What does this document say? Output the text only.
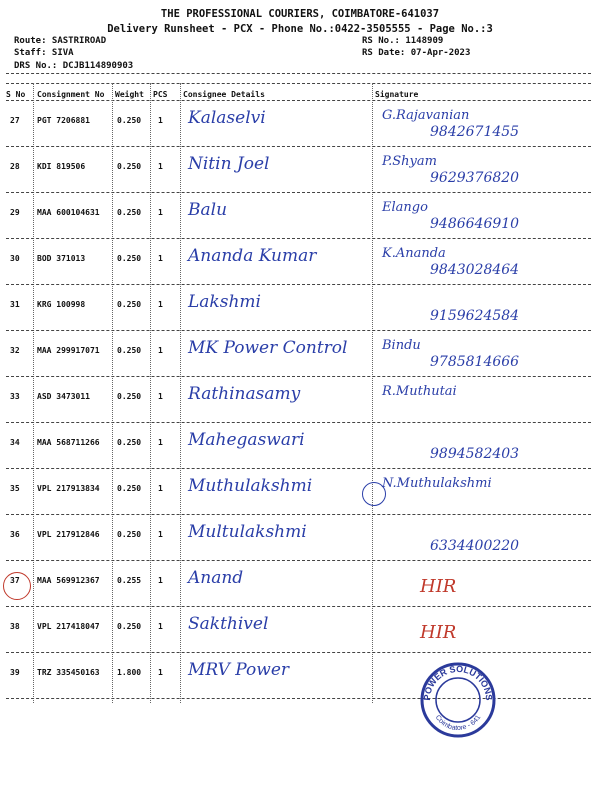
THE PROFESSIONAL COURIERS, COIMBATORE-641037
Delivery Runsheet - PCX - Phone No.:0422-3505555 - Page No.:3
Route: SASTRIROAD
Staff: SIVA
DRS No.: DCJB114890903
RS No.: 1148909
RS Date: 07-Apr-2023
S No Consignment No Weight PCS Consignee Details	Signature
27 PGT 7206881	0.250 1 Kalaselvi	G.Rajavanian
9842671455
28 KDI 819506	0.250 1 Nitin Joel	P.Shyam
9629376820
29 MAA 600104631 0.250 1 Balu	Elango
9486646910
30 BOD 371013	0.250 1 Ananda Kumar	K.Ananda
9843028464
31 KRG 100998	0.250 1 Lakshmi
9159624584
32 MAA 299917071 0.250 1 MK Power Control	Bindu
9785814666
33 ASD 3473011	0.250 1 Rathinasamy	R.Muthutai
34 MAA 568711266 0.250 1 Mahegaswari
9894582403
35 VPL 217913834 0.250 1 Muthulakshmi	N.Muthulakshmi
36 VPL 217912846 0.250 1 Multulakshmi
6334400220
37 MAA 569912367 0.255 1 Anand	HIR
38 VPL 217418047 0.250 1 Sakthivel	HIR
39 TRZ 335450163 1.800 1 MRV Power
POWER SOLUTIONS
Coimbatore - 641
